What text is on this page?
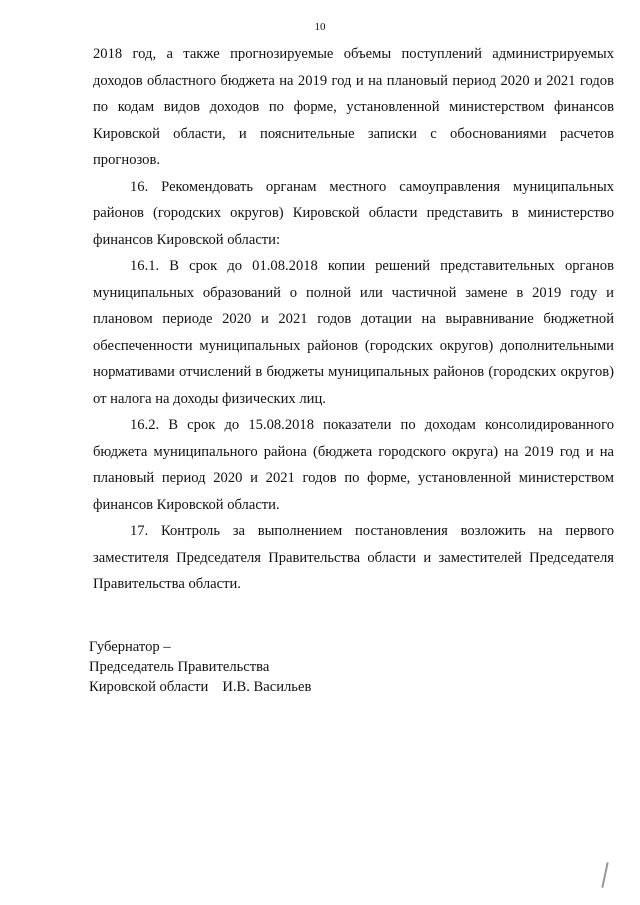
10

2018 год, а также прогнозируемые объемы поступлений администрируемых доходов областного бюджета на 2019 год и на плановый период 2020 и 2021 годов по кодам видов доходов по форме, установленной министерством финансов Кировской области, и пояснительные записки с обоснованиями расчетов прогнозов.

16. Рекомендовать органам местного самоуправления муниципальных районов (городских округов) Кировской области представить в министерство финансов Кировской области:

16.1. В срок до 01.08.2018 копии решений представительных органов муниципальных образований о полной или частичной замене в 2019 году и плановом периоде 2020 и 2021 годов дотации на выравнивание бюджетной обеспеченности муниципальных районов (городских округов) дополнительными нормативами отчислений в бюджеты муниципальных районов (городских округов) от налога на доходы физических лиц.

16.2. В срок до 15.08.2018 показатели по доходам консолидированного бюджета муниципального района (бюджета городского округа) на 2019 год и на плановый период 2020 и 2021 годов по форме, установленной министерством финансов Кировской области.

17. Контроль за выполнением постановления возложить на первого заместителя Председателя Правительства области и заместителей Председателя Правительства области.

Губернатор –
Председатель Правительства
Кировской области И.В. Васильев
